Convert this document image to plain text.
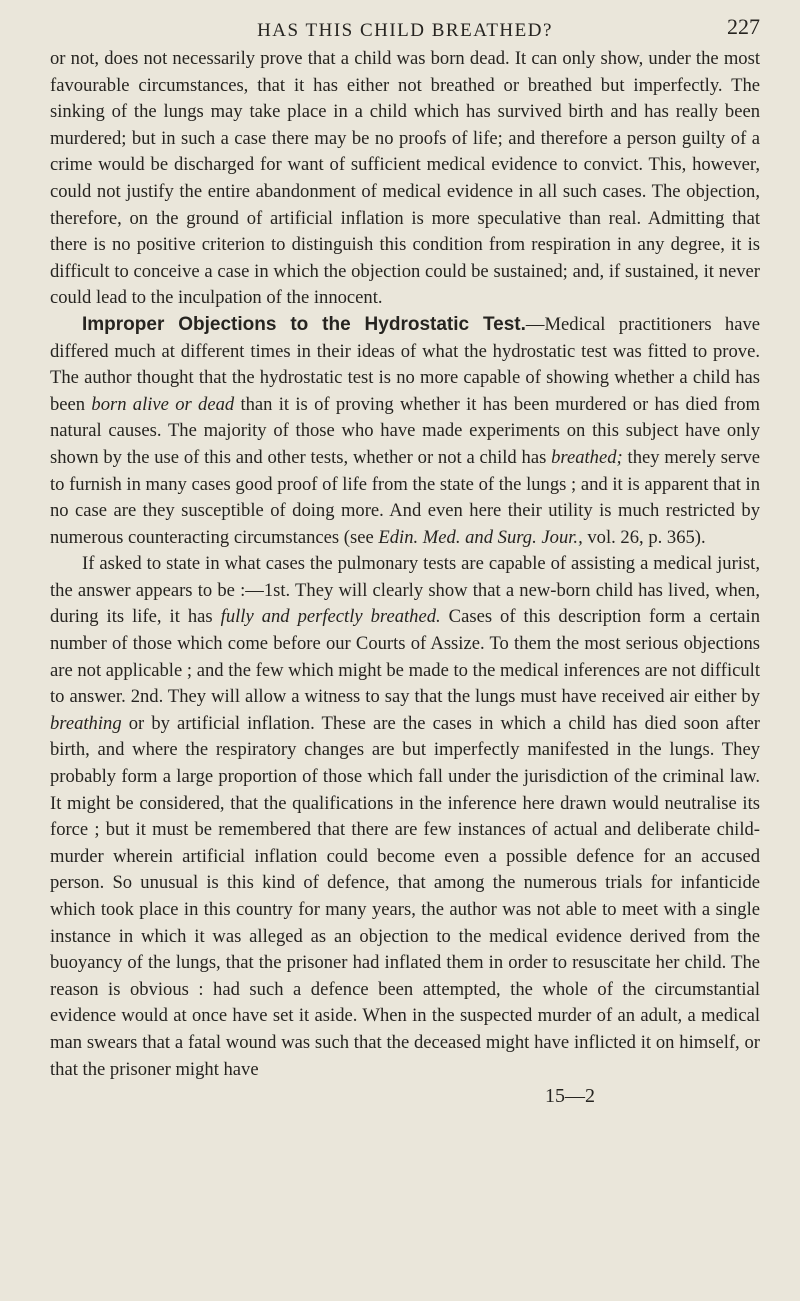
HAS THIS CHILD BREATHED?	227

or not, does not necessarily prove that a child was born dead. It can only show, under the most favourable circumstances, that it has either not breathed or breathed but imperfectly. The sinking of the lungs may take place in a child which has survived birth and has really been murdered; but in such a case there may be no proofs of life; and therefore a person guilty of a crime would be discharged for want of sufficient medical evidence to convict. This, however, could not justify the entire abandonment of medical evidence in all such cases. The objection, therefore, on the ground of artificial inflation is more speculative than real. Admitting that there is no positive criterion to distinguish this condition from respiration in any degree, it is difficult to conceive a case in which the objection could be sustained; and, if sustained, it never could lead to the inculpation of the innocent.

Improper Objections to the Hydrostatic Test.—Medical practitioners have differed much at different times in their ideas of what the hydrostatic test was fitted to prove. The author thought that the hydrostatic test is no more capable of showing whether a child has been born alive or dead than it is of proving whether it has been murdered or has died from natural causes. The majority of those who have made experiments on this subject have only shown by the use of this and other tests, whether or not a child has breathed; they merely serve to furnish in many cases good proof of life from the state of the lungs ; and it is apparent that in no case are they susceptible of doing more. And even here their utility is much restricted by numerous counteracting circumstances (see Edin. Med. and Surg. Jour., vol. 26, p. 365).

If asked to state in what cases the pulmonary tests are capable of assisting a medical jurist, the answer appears to be :—1st. They will clearly show that a new-born child has lived, when, during its life, it has fully and perfectly breathed. Cases of this description form a certain number of those which come before our Courts of Assize. To them the most serious objections are not applicable ; and the few which might be made to the medical inferences are not difficult to answer. 2nd. They will allow a witness to say that the lungs must have received air either by breathing or by artificial inflation. These are the cases in which a child has died soon after birth, and where the respiratory changes are but imperfectly manifested in the lungs. They probably form a large proportion of those which fall under the jurisdiction of the criminal law. It might be considered, that the qualifications in the inference here drawn would neutralise its force ; but it must be remembered that there are few instances of actual and deliberate child-murder wherein artificial inflation could become even a possible defence for an accused person. So unusual is this kind of defence, that among the numerous trials for infanticide which took place in this country for many years, the author was not able to meet with a single instance in which it was alleged as an objection to the medical evidence derived from the buoyancy of the lungs, that the prisoner had inflated them in order to resuscitate her child. The reason is obvious : had such a defence been attempted, the whole of the circumstantial evidence would at once have set it aside. When in the suspected murder of an adult, a medical man swears that a fatal wound was such that the deceased might have inflicted it on himself, or that the prisoner might have

15—2
